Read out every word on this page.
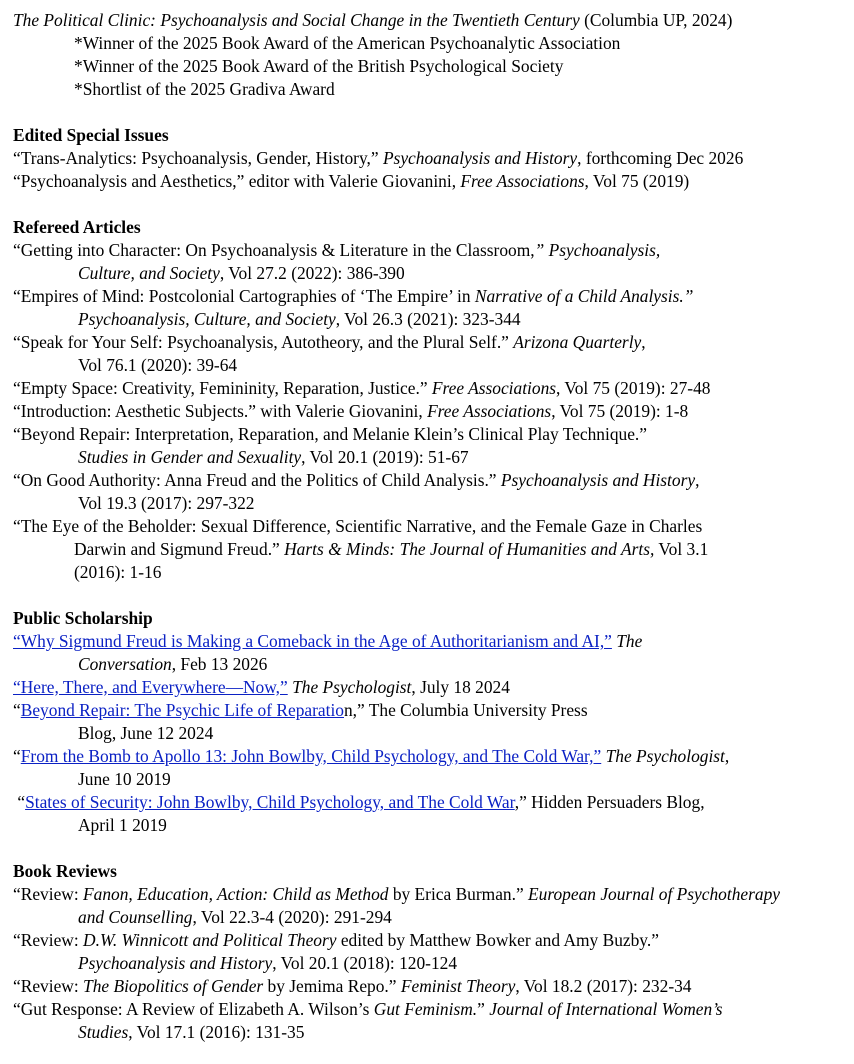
The Political Clinic: Psychoanalysis and Social Change in the Twentieth Century (Columbia UP, 2024)
*Winner of the 2025 Book Award of the American Psychoanalytic Association
*Winner of the 2025 Book Award of the British Psychological Society
*Shortlist of the 2025 Gradiva Award
Edited Special Issues
“Trans-Analytics: Psychoanalysis, Gender, History,” Psychoanalysis and History, forthcoming Dec 2026
“Psychoanalysis and Aesthetics,” editor with Valerie Giovanini, Free Associations, Vol 75 (2019)
Refereed Articles
“Getting into Character: On Psychoanalysis & Literature in the Classroom,” Psychoanalysis,
Culture, and Society, Vol 27.2 (2022): 386-390
“Empires of Mind: Postcolonial Cartographies of ‘The Empire’ in Narrative of a Child Analysis.”
Psychoanalysis, Culture, and Society, Vol 26.3 (2021): 323-344
“Speak for Your Self: Psychoanalysis, Autotheory, and the Plural Self.” Arizona Quarterly,
Vol 76.1 (2020): 39-64
“Empty Space: Creativity, Femininity, Reparation, Justice.” Free Associations, Vol 75 (2019): 27-48
“Introduction: Aesthetic Subjects.” with Valerie Giovanini, Free Associations, Vol 75 (2019): 1-8
“Beyond Repair: Interpretation, Reparation, and Melanie Klein’s Clinical Play Technique.”
Studies in Gender and Sexuality, Vol 20.1 (2019): 51-67
“On Good Authority: Anna Freud and the Politics of Child Analysis.” Psychoanalysis and History,
Vol 19.3 (2017): 297-322
“The Eye of the Beholder: Sexual Difference, Scientific Narrative, and the Female Gaze in Charles
Darwin and Sigmund Freud.” Harts & Minds: The Journal of Humanities and Arts, Vol 3.1
(2016): 1-16
Public Scholarship
“Why Sigmund Freud is Making a Comeback in the Age of Authoritarianism and AI,” The
Conversation, Feb 13 2026
“Here, There, and Everywhere—Now,” The Psychologist, July 18 2024
“Beyond Repair: The Psychic Life of Reparation,” The Columbia University Press
Blog, June 12 2024
“From the Bomb to Apollo 13: John Bowlby, Child Psychology, and The Cold War,” The Psychologist,
June 10 2019
“States of Security: John Bowlby, Child Psychology, and The Cold War,” Hidden Persuaders Blog,
April 1 2019
Book Reviews
“Review: Fanon, Education, Action: Child as Method by Erica Burman.” European Journal of Psychotherapy
and Counselling, Vol 22.3-4 (2020): 291-294
“Review: D.W. Winnicott and Political Theory edited by Matthew Bowker and Amy Buzby.”
Psychoanalysis and History, Vol 20.1 (2018): 120-124
“Review: The Biopolitics of Gender by Jemima Repo.” Feminist Theory, Vol 18.2 (2017): 232-34
“Gut Response: A Review of Elizabeth A. Wilson’s Gut Feminism.” Journal of International Women’s
Studies, Vol 17.1 (2016): 131-35
